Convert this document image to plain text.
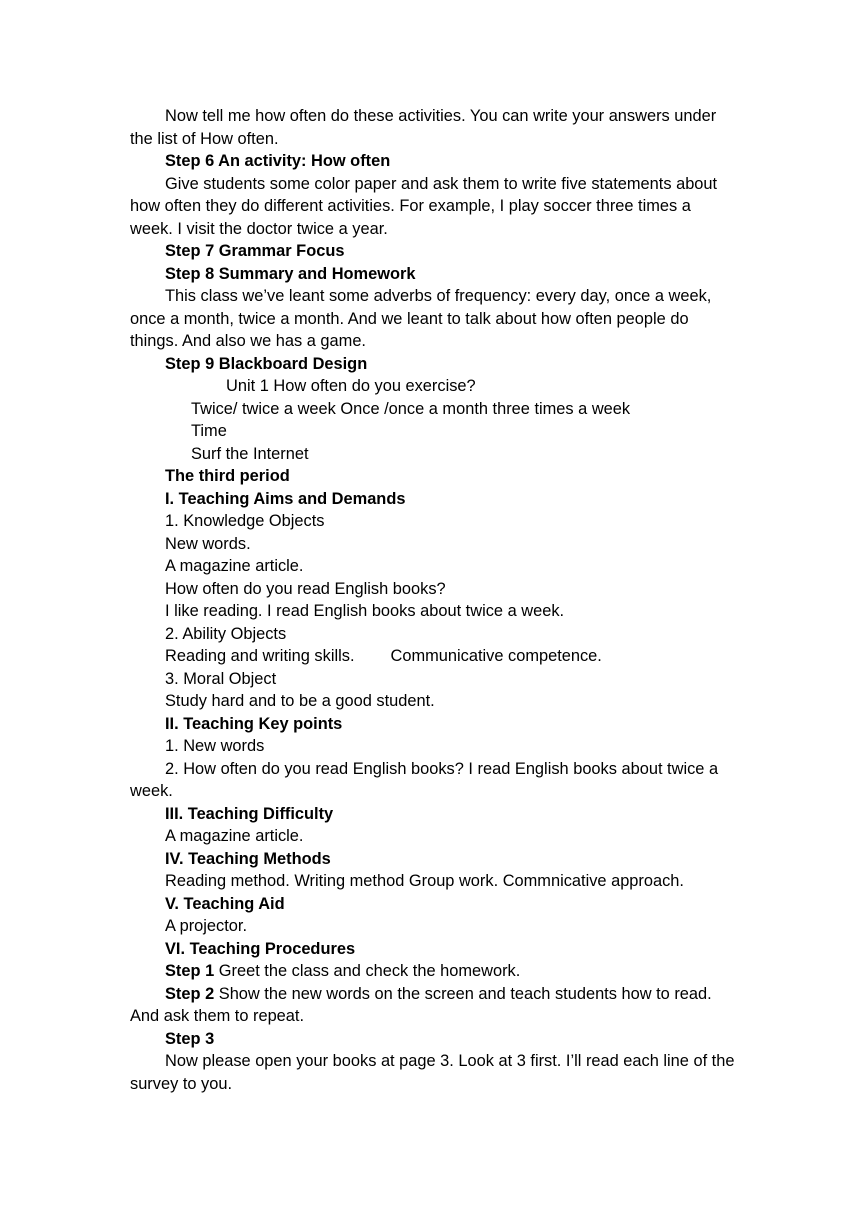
Now tell me how often do these activities. You can write your answers under the list of How often.

Step 6 An activity: How often

Give students some color paper and ask them to write five statements about how often they do different activities. For example, I play soccer three times a week. I visit the doctor twice a year.

Step 7 Grammar Focus

Step 8 Summary and Homework

This class we’ve leant some adverbs of frequency: every day, once a week, once a month, twice a month. And we leant to talk about how often people do things. And also we has a game.

Step 9 Blackboard Design

Unit 1 How often do you exercise?

Twice/ twice a week Once /once a month three times a week

Time

Surf the Internet

The third period

I. Teaching Aims and Demands

1. Knowledge Objects

New words.

A magazine article.

How often do you read English books?

I like reading. I read English books about twice a week.

2. Ability Objects

Reading and writing skills. Communicative competence.

3. Moral Object

Study hard and to be a good student.

II. Teaching Key points

1. New words

2. How often do you read English books? I read English books about twice a week.

III. Teaching Difficulty

A magazine article.

IV. Teaching Methods

Reading method. Writing method Group work. Commnicative approach.

V. Teaching Aid

A projector.

VI. Teaching Procedures

Step 1 Greet the class and check the homework.

Step 2 Show the new words on the screen and teach students how to read. And ask them to repeat.

Step 3

Now please open your books at page 3. Look at 3 first. I’ll read each line of the survey to you.
